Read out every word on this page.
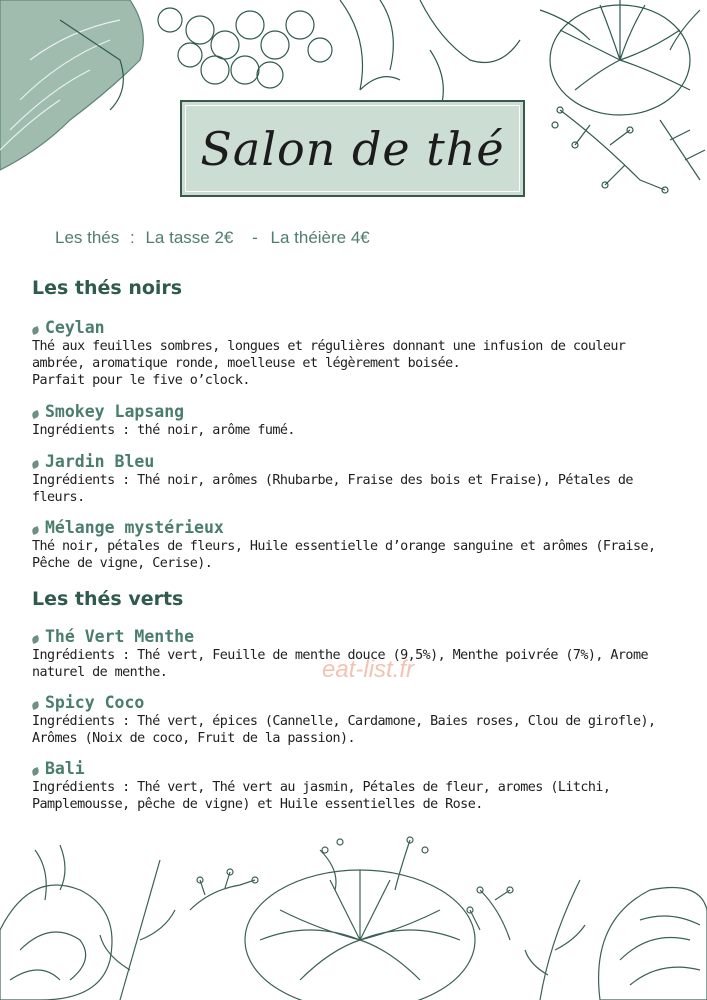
Salon de thé
Les thés : La tasse 2€ - La théière 4€
Les thés noirs
Ceylan
Thé aux feuilles sombres, longues et régulières donnant une infusion de couleur
ambrée, aromatique ronde, moelleuse et légèrement boisée.
Parfait pour le five o’clock.
Smokey Lapsang
Ingrédients : thé noir, arôme fumé.
Jardin Bleu
Ingrédients : Thé noir, arômes (Rhubarbe, Fraise des bois et Fraise), Pétales de
fleurs.
Mélange mystérieux
Thé noir, pétales de fleurs, Huile essentielle d’orange sanguine et arômes (Fraise,
Pêche de vigne, Cerise).
Les thés verts
Thé Vert Menthe
Ingrédients : Thé vert, Feuille de menthe douce (9,5%), Menthe poivrée (7%), Arome
naturel de menthe.
Spicy Coco
Ingrédients : Thé vert, épices (Cannelle, Cardamone, Baies roses, Clou de girofle),
Arômes (Noix de coco, Fruit de la passion).
Bali
Ingrédients : Thé vert, Thé vert au jasmin, Pétales de fleur, aromes (Litchi,
Pamplemousse, pêche de vigne) et Huile essentielles de Rose.
eat-list.fr
